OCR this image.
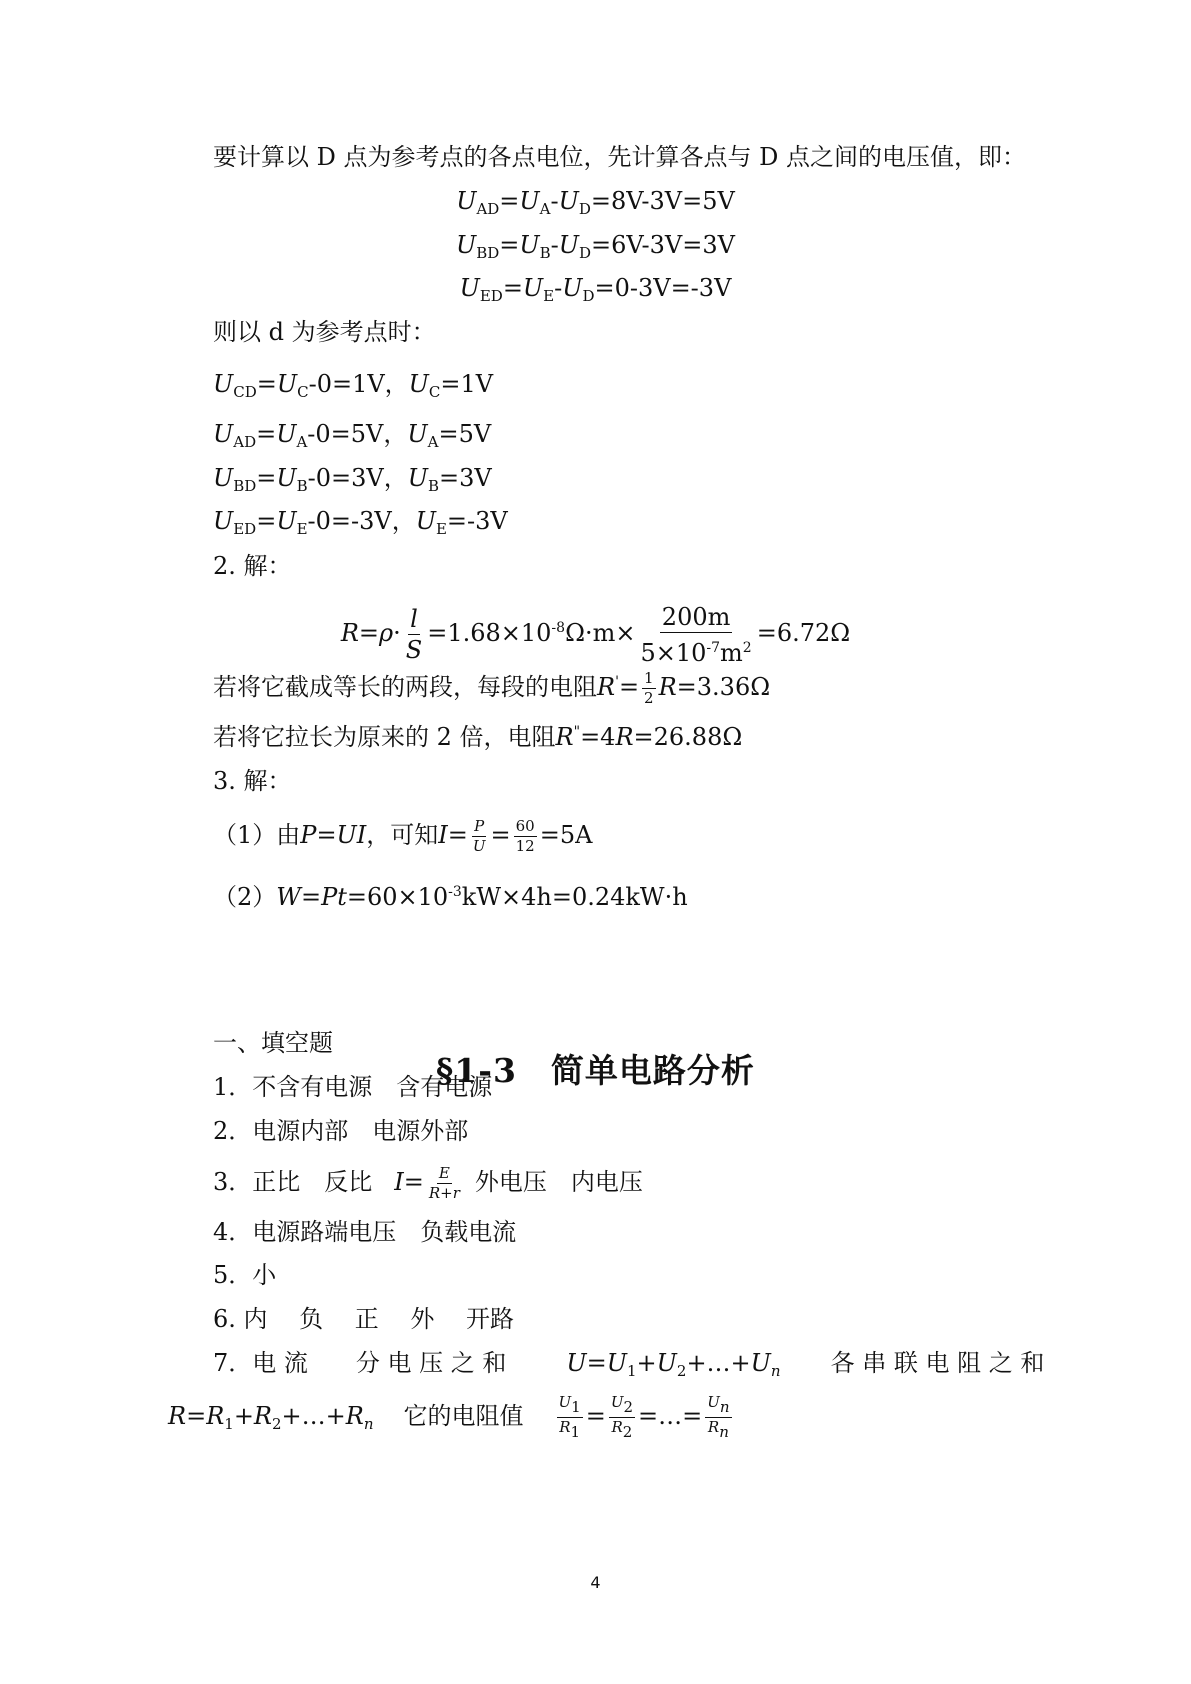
要计算以 D 点为参考点的各点电位，先计算各点与 D 点之间的电压值，即：
$U_{AD}=U_A-U_D=8V-3V=5V$
$U_{BD}=U_B-U_D=6V-3V=3V$
$U_{ED}=U_E-U_D=0-3V=-3V$
则以 d 为参考点时：
$U_{CD}=U_C-0=1V$，$U_C=1V$
$U_{AD}=U_A-0=5V$，$U_A=5V$
$U_{BD}=U_B-0=3V$，$U_B=3V$
$U_{ED}=U_E-0=-3V$，$U_E=-3V$
2. 解：
$R=\rho\cdot \frac{l}{S} =1.68\times 10^{-8}\Omega\cdot m\times \frac{200m}{5\times 10^{-7}m^2} =6.72\Omega$
若将它截成等长的两段，每段的电阻$R'= \frac{1}{2} R=3.36\Omega$
若将它拉长为原来的 2 倍，电阻R"=4R=26.88Ω
3. 解：
（1）由P=UI，可知$I= \frac{P}{U} = \frac{60}{12} =5A$
$(2)W=Pt=60\times 10^{-3}kW\times 4h=0.24kW\cdot h$
§1-3　简单电路分析
一、填空题
1．不含有电源　含有电源
2．电源内部　电源外部
3．正比　反比 $I= \frac{E}{R+r}$ 外电压　内电压
4．电源路端电压　负载电流
5．小
6. 内　 负　 正　 外　 开路
7．电 流　　分 电 压 之 和	$U=U_1+U_2+\dots+U_n$ 各 串 联 电 阻 之 和
$R=R_1+R_2+\dots+R_n$ 它的电阻值 $\frac{U_1}{R_1} = \frac{U_2}{R_2}$ =…= $\frac{U_n}{R_n}$
4
